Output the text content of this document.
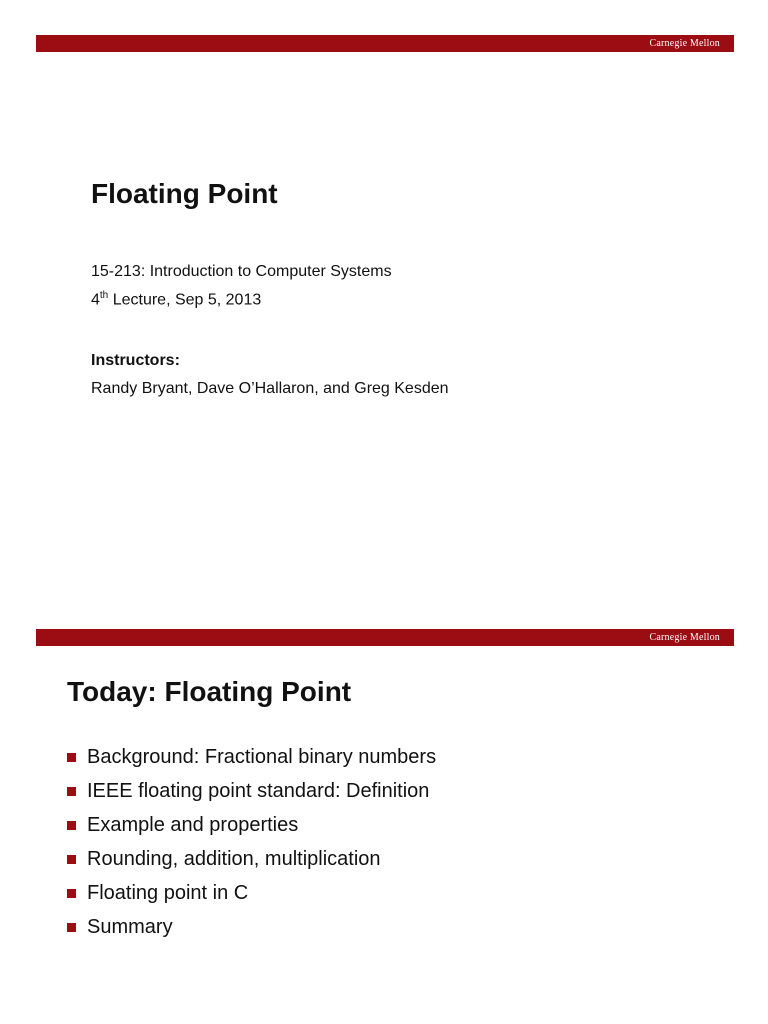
Carnegie Mellon
Floating Point
15-213: Introduction to Computer Systems
4th Lecture, Sep 5, 2013
Instructors:
Randy Bryant, Dave O’Hallaron, and Greg Kesden
Carnegie Mellon
Today: Floating Point
Background: Fractional binary numbers
IEEE floating point standard: Definition
Example and properties
Rounding, addition, multiplication
Floating point in C
Summary
